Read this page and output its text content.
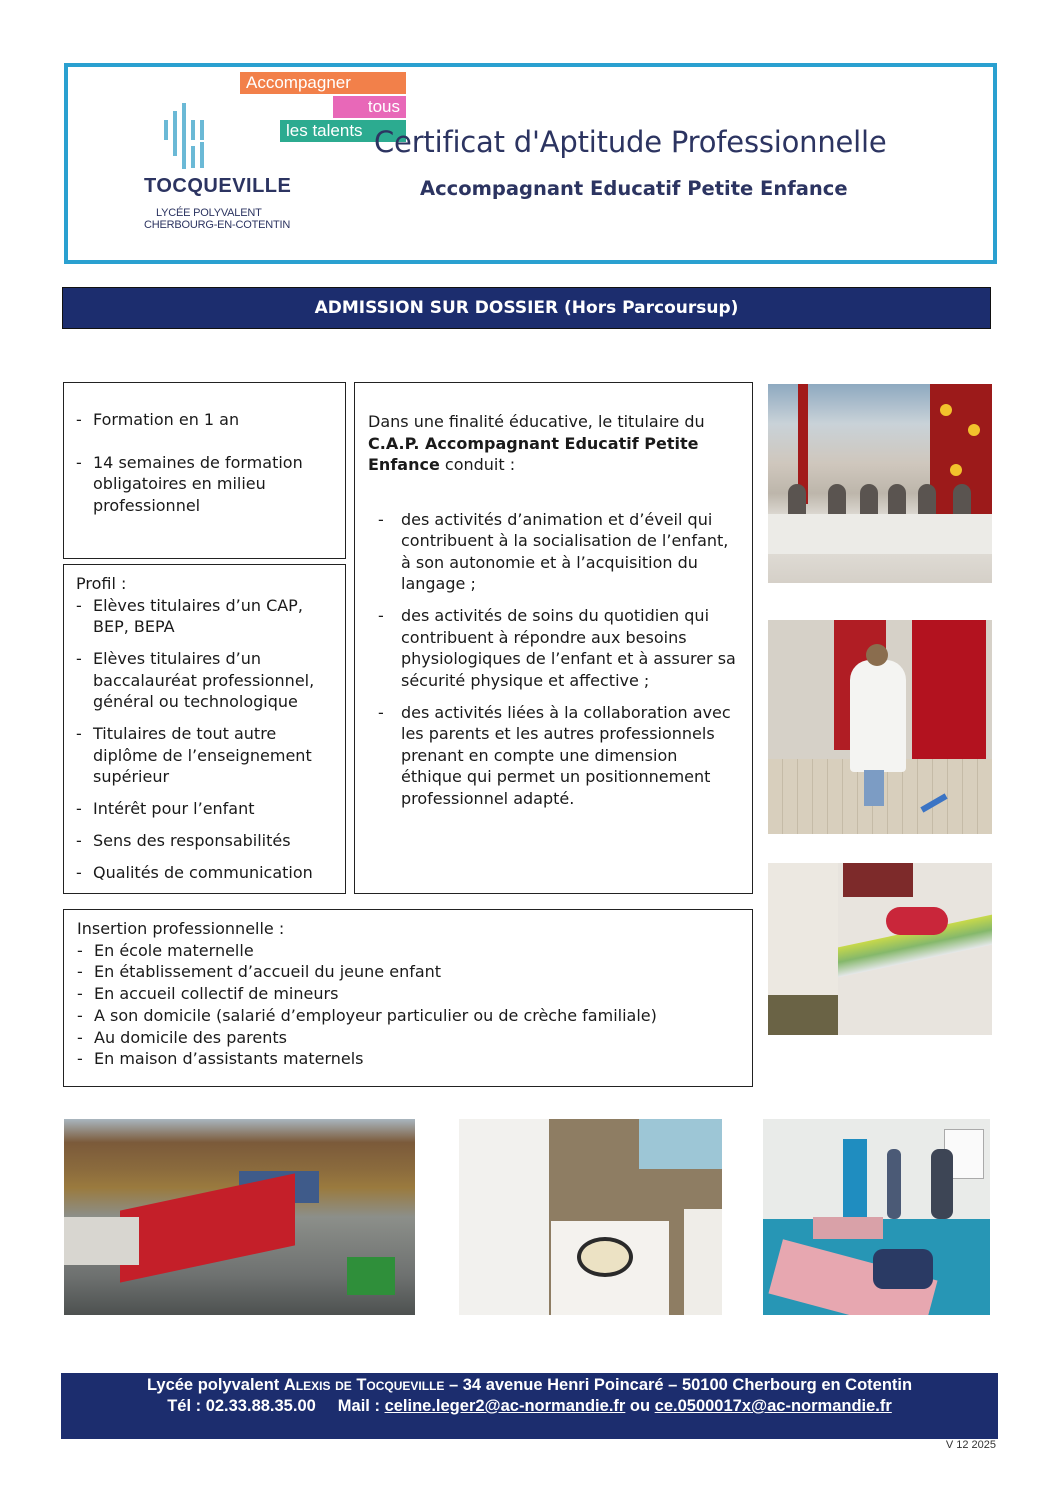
Accompagner
tous
les talents
TOCQUEVILLE
LYCÉE POLYVALENT
CHERBOURG-EN-COTENTIN
Certificat d'Aptitude Professionnelle
Accompagnant Educatif Petite Enfance
ADMISSION SUR DOSSIER (Hors Parcoursup)
- Formation en 1 an
- 14 semaines de formation obligatoires en milieu professionnel
Profil :
- Elèves titulaires d’un CAP, BEP, BEPA
- Elèves titulaires d’un baccalauréat professionnel, général ou technologique
- Titulaires de tout autre diplôme de l’enseignement supérieur
- Intérêt pour l’enfant
- Sens des responsabilités
- Qualités de communication

Dans une finalité éducative, le titulaire du C.A.P. Accompagnant Educatif Petite Enfance conduit :

- des activités d’animation et d’éveil qui contribuent à la socialisation de l’enfant, à son autonomie et à l’acquisition du langage ;
- des activités de soins du quotidien qui contribuent à répondre aux besoins physiologiques de l’enfant et à assurer sa sécurité physique et affective ;
- des activités liées à la collaboration avec les parents et les autres professionnels prenant en compte une dimension éthique qui permet un positionnement professionnel adapté.
Insertion professionnelle :
- En école maternelle
- En établissement d’accueil du jeune enfant
- En accueil collectif de mineurs
- A son domicile (salarié d’employeur particulier ou de crèche familiale)
- Au domicile des parents
- En maison d’assistants maternels
Lycée polyvalent Alexis de Tocqueville – 34 avenue Henri Poincaré – 50100 Cherbourg en Cotentin
Tél : 02.33.88.35.00 Mail : celine.leger2@ac-normandie.fr ou ce.0500017x@ac-normandie.fr
V 12 2025
